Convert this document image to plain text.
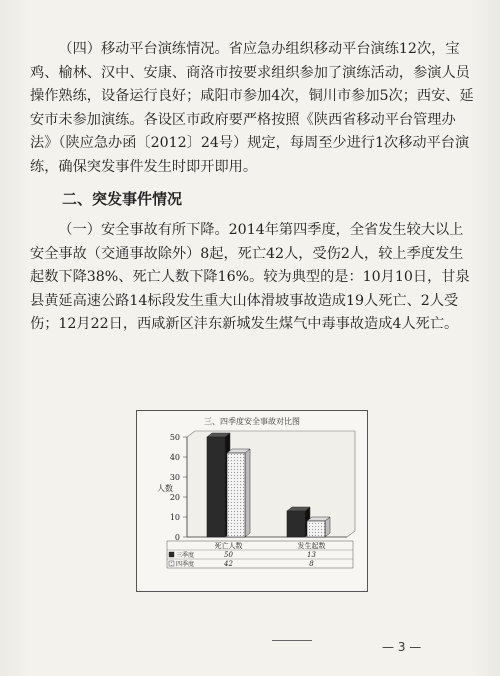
（四）移动平台演练情况。省应急办组织移动平台演练12次，宝鸡、榆林、汉中、安康、商洛市按要求组织参加了演练活动，参演人员操作熟练，设备运行良好；咸阳市参加4次，铜川市参加5次；西安、延安市未参加演练。各设区市政府要严格按照《陕西省移动平台管理办法》（陕应急办函〔2012〕24号）规定，每周至少进行1次移动平台演练，确保突发事件发生时即开即用。
二、突发事件情况
（一）安全事故有所下降。2014年第四季度，全省发生较大以上安全事故（交通事故除外）8起，死亡42人，受伤2人，较上季度发生起数下降38%、死亡人数下降16%。较为典型的是：10月10日，甘泉县黄延高速公路14标段发生重大山体滑坡事故造成19人死亡、2人受伤；12月22日，西咸新区沣东新城发生煤气中毒事故造成4人死亡。
三、四季度安全事故对比图
0
10
20
30
40
50
人数
死亡人数	发生起数
三季度	50	13
四季度	42	8
— 3 —
